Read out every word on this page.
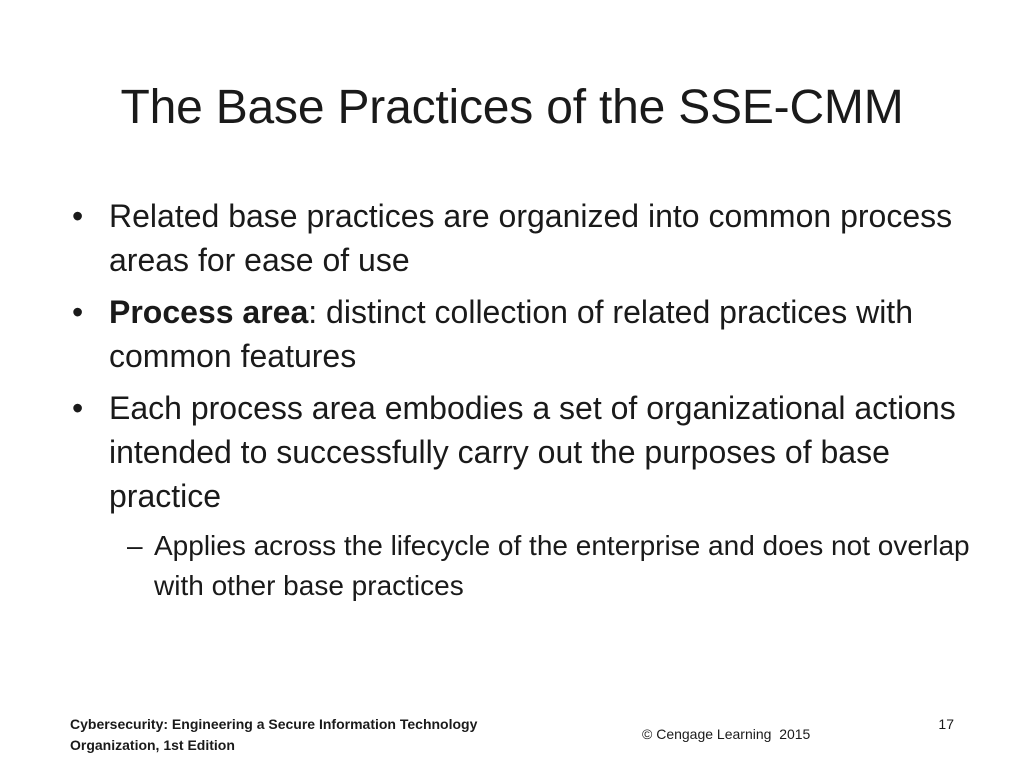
The Base Practices of the SSE-CMM
• Related base practices are organized into common process areas for ease of use
• Process area: distinct collection of related practices with common features
• Each process area embodies a set of organizational actions intended to successfully carry out the purposes of base practice
– Applies across the lifecycle of the enterprise and does not overlap with other base practices
Cybersecurity: Engineering a Secure Information Technology
Organization, 1st Edition
© Cengage Learning  2015
17
